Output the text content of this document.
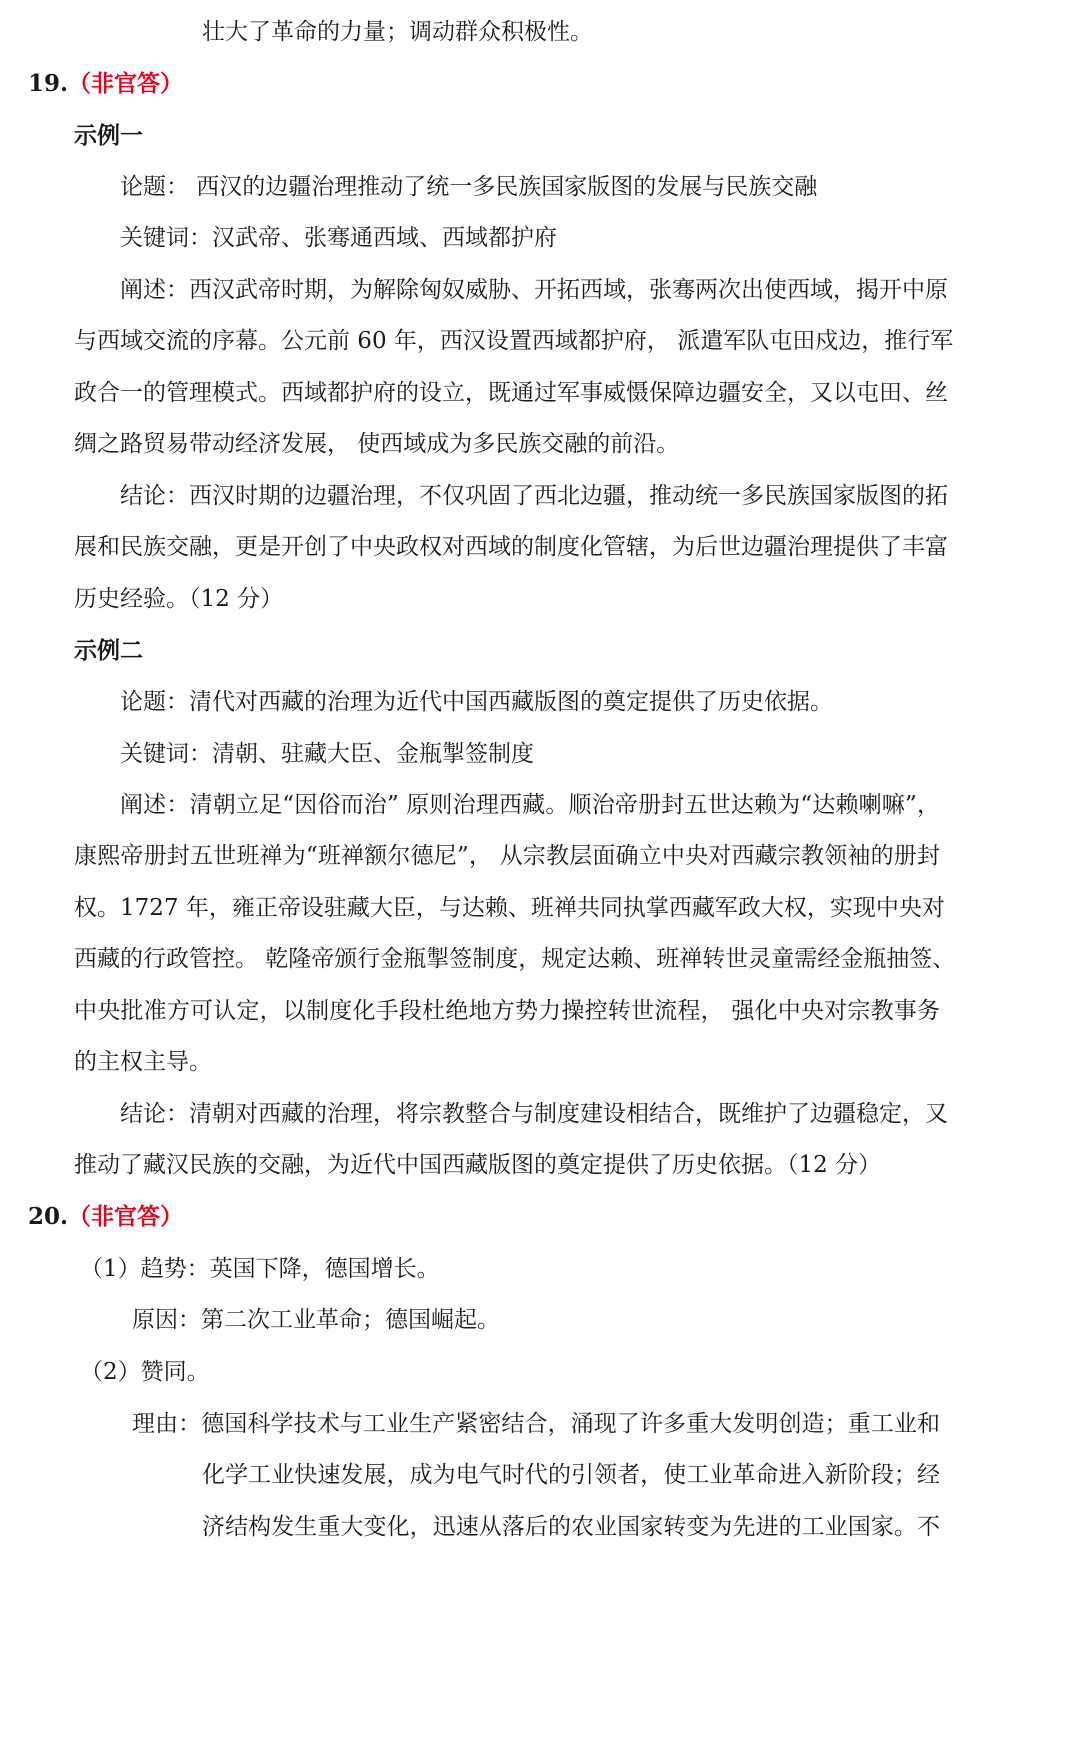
壮大了革命的力量；调动群众积极性。
19.（非官答）
示例一
论题： 西汉的边疆治理推动了统一多民族国家版图的发展与民族交融
关键词：汉武帝、张骞通西域、西域都护府
阐述：西汉武帝时期，为解除匈奴威胁、开拓西域，张骞两次出使西域，揭开中原
与西域交流的序幕。公元前 60 年，西汉设置西域都护府， 派遣军队屯田戍边，推行军
政合一的管理模式。西域都护府的设立，既通过军事威慑保障边疆安全，又以屯田、丝
绸之路贸易带动经济发展， 使西域成为多民族交融的前沿。
结论：西汉时期的边疆治理，不仅巩固了西北边疆，推动统一多民族国家版图的拓
展和民族交融，更是开创了中央政权对西域的制度化管辖，为后世边疆治理提供了丰富
历史经验。（12 分）
示例二
论题：清代对西藏的治理为近代中国西藏版图的奠定提供了历史依据。
关键词：清朝、驻藏大臣、金瓶掣签制度
阐述：清朝立足“因俗而治” 原则治理西藏。顺治帝册封五世达赖为“达赖喇嘛”，
康熙帝册封五世班禅为“班禅额尔德尼”， 从宗教层面确立中央对西藏宗教领袖的册封
权。1727 年，雍正帝设驻藏大臣，与达赖、班禅共同执掌西藏军政大权，实现中央对
西藏的行政管控。 乾隆帝颁行金瓶掣签制度，规定达赖、班禅转世灵童需经金瓶抽签、
中央批准方可认定，以制度化手段杜绝地方势力操控转世流程， 强化中央对宗教事务
的主权主导。
结论：清朝对西藏的治理，将宗教整合与制度建设相结合，既维护了边疆稳定，又
推动了藏汉民族的交融，为近代中国西藏版图的奠定提供了历史依据。（12 分）
20.（非官答）
（1）趋势：英国下降，德国增长。
原因：第二次工业革命；德国崛起。
（2）赞同。
理由：德国科学技术与工业生产紧密结合，涌现了许多重大发明创造；重工业和
化学工业快速发展，成为电气时代的引领者，使工业革命进入新阶段；经
济结构发生重大变化，迅速从落后的农业国家转变为先进的工业国家。不
